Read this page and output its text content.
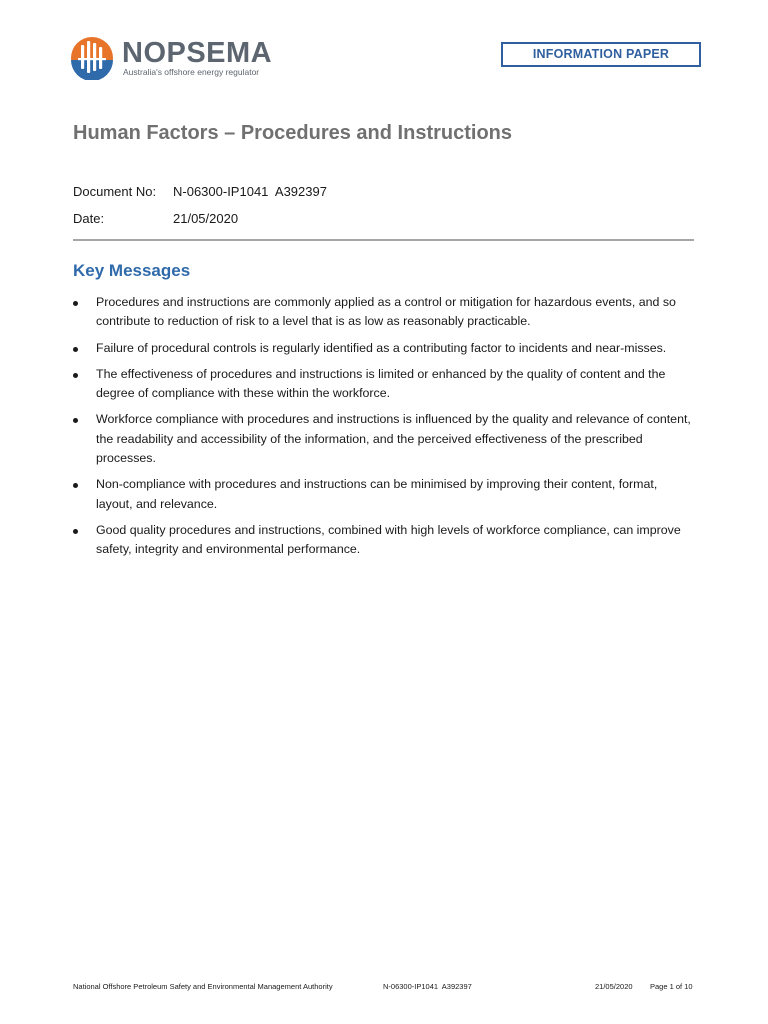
NOPSEMA
Australia's offshore energy regulator
INFORMATION PAPER
Human Factors – Procedures and Instructions
Document No: N-06300-IP1041  A392397
Date:	21/05/2020
Key Messages
Procedures and instructions are commonly applied as a control or mitigation for hazardous events, and so contribute to reduction of risk to a level that is as low as reasonably practicable.
Failure of procedural controls is regularly identified as a contributing factor to incidents and near-misses.
The effectiveness of procedures and instructions is limited or enhanced by the quality of content and the degree of compliance with these within the workforce.
Workforce compliance with procedures and instructions is influenced by the quality and relevance of content, the readability and accessibility of the information, and the perceived effectiveness of the prescribed processes.
Non-compliance with procedures and instructions can be minimised by improving their content, format, layout, and relevance.
Good quality procedures and instructions, combined with high levels of workforce compliance, can improve safety, integrity and environmental performance.
National Offshore Petroleum Safety and Environmental Management Authority	N-06300-IP1041  A392397	21/05/2020 Page 1 of 10
